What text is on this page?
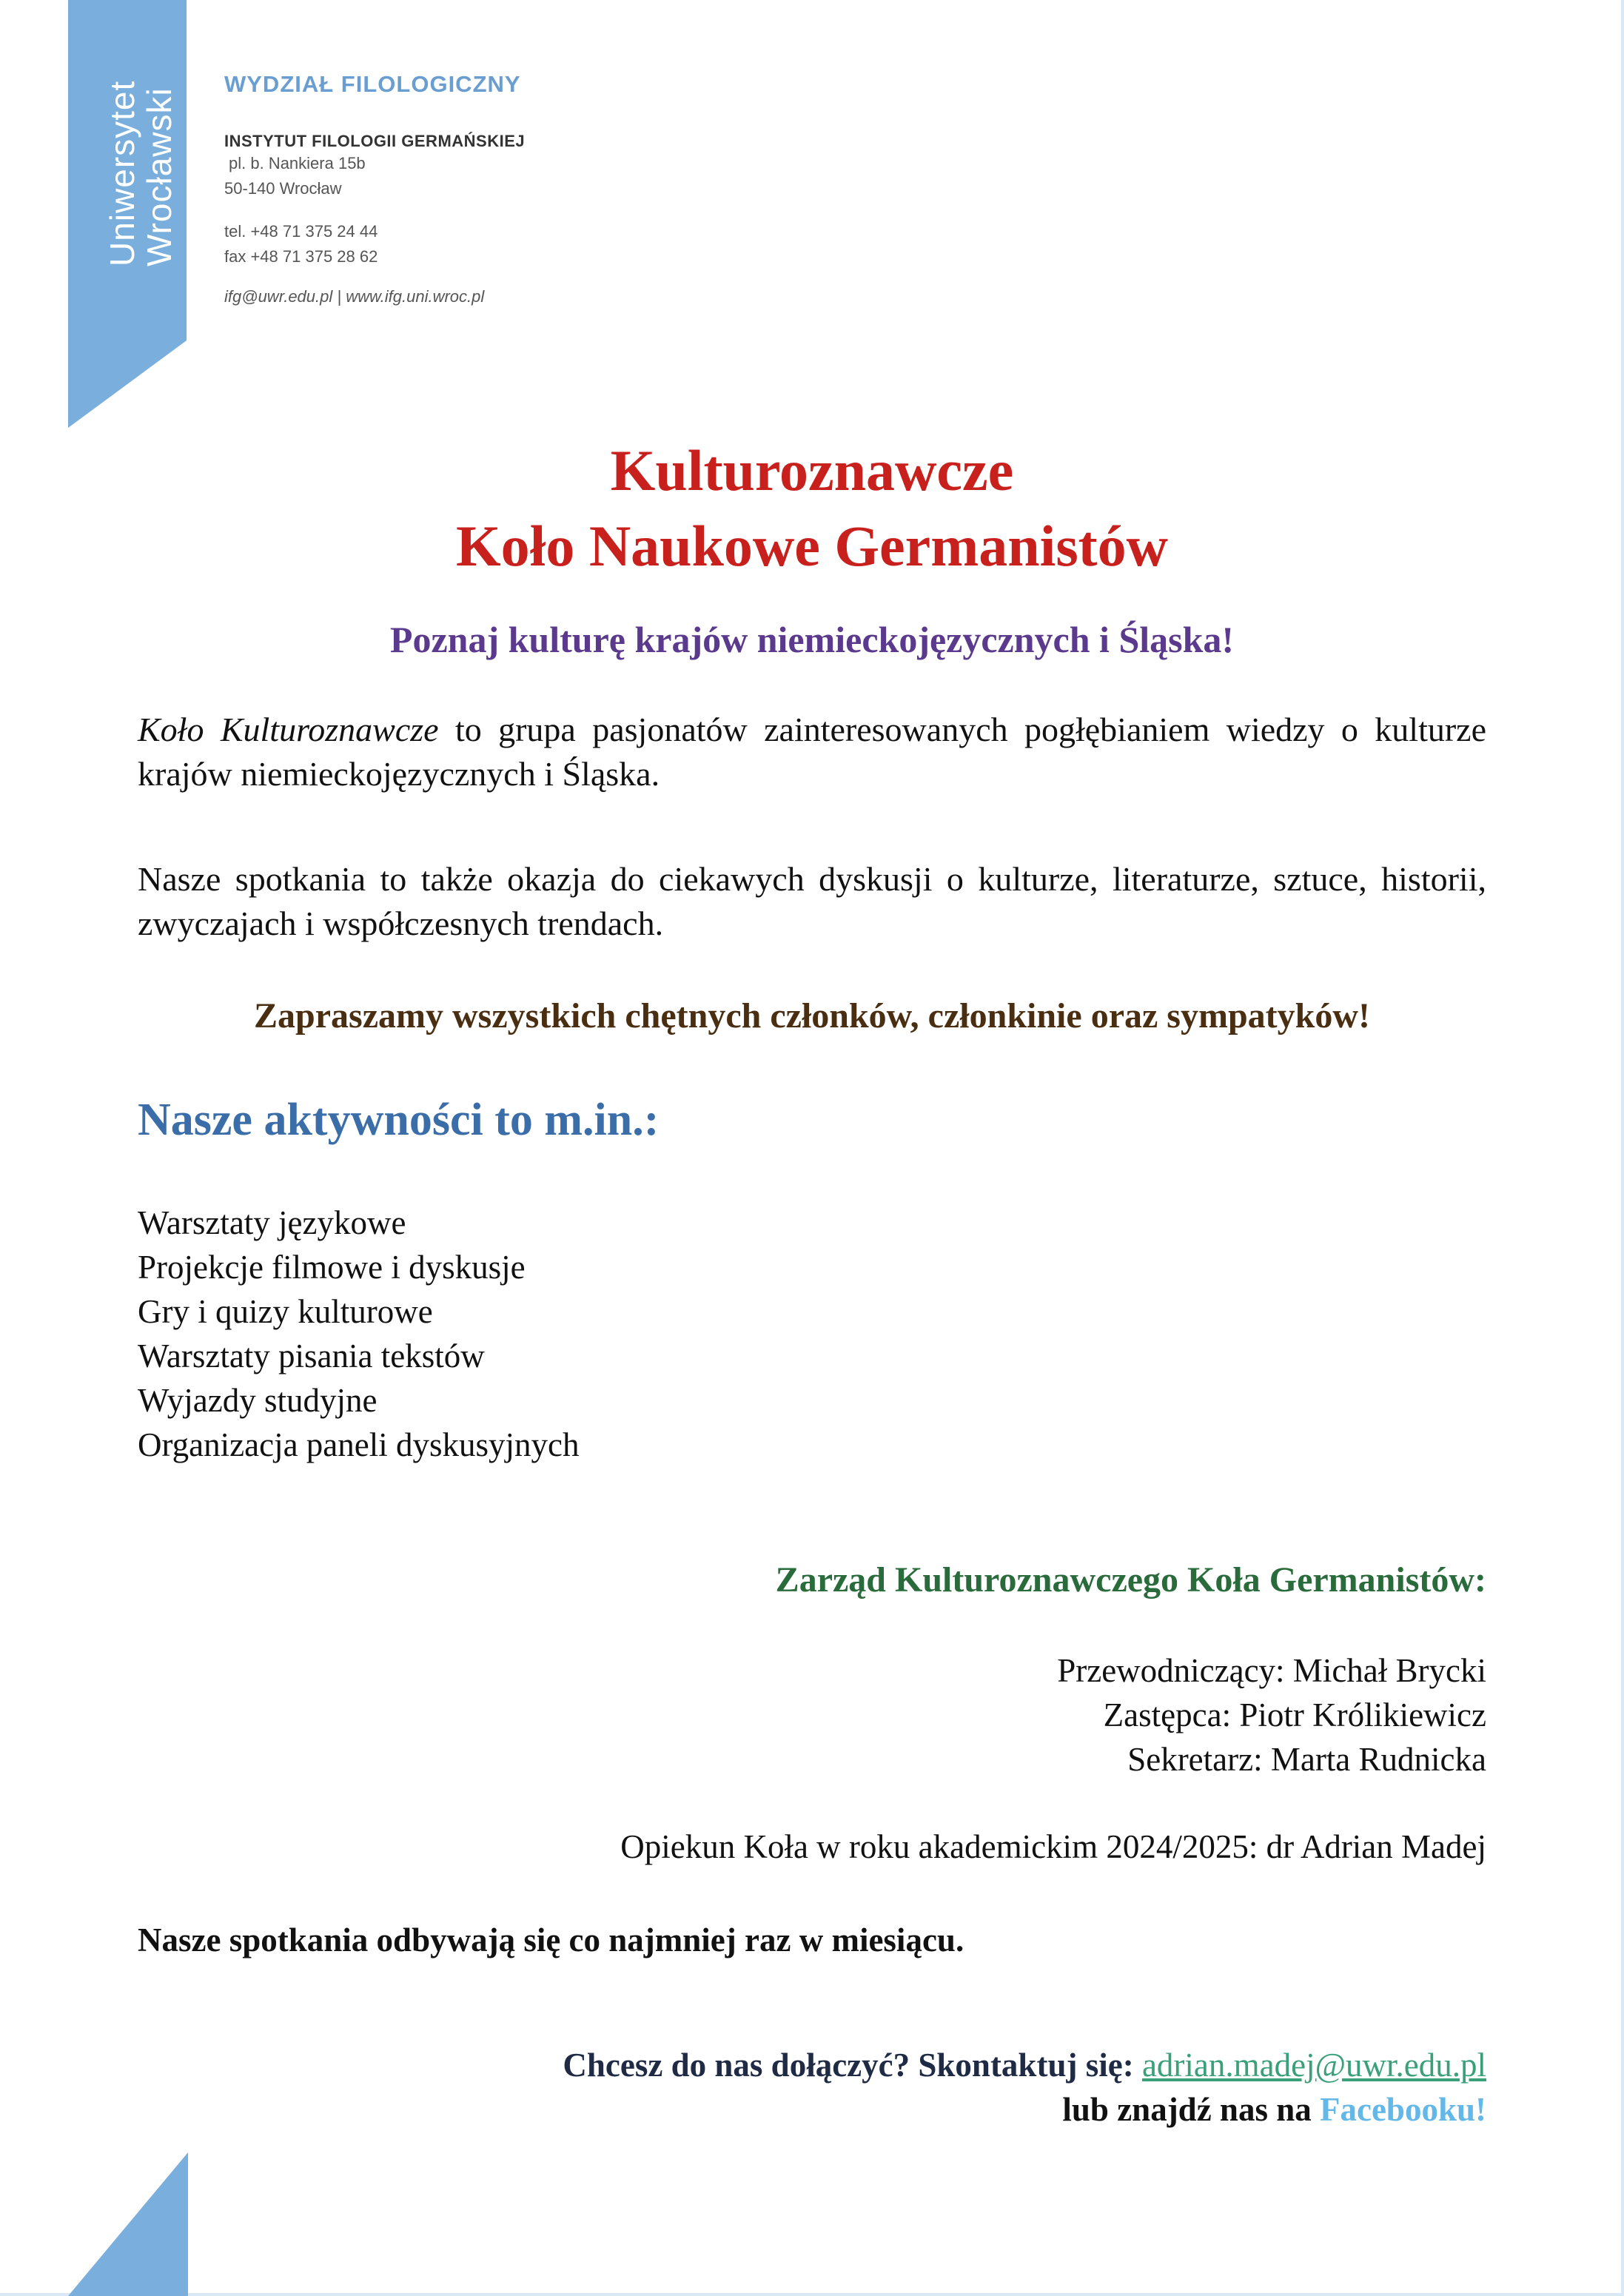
Uniwersytet
Wrocławski
WYDZIAŁ FILOLOGICZNY
INSTYTUT FILOLOGII GERMAŃSKIEJ
pl. b. Nankiera 15b
50-140 Wrocław
tel. +48 71 375 24 44
fax +48 71 375 28 62
ifg@uwr.edu.pl | www.ifg.uni.wroc.pl
Kulturoznawcze
Koło Naukowe Germanistów
Poznaj kulturę krajów niemieckojęzycznych i Śląska!
Koło Kulturoznawcze to grupa pasjonatów zainteresowanych pogłębianiem wiedzy o kulturze krajów niemieckojęzycznych i Śląska.
Nasze spotkania to także okazja do ciekawych dyskusji o kulturze, literaturze, sztuce, historii, zwyczajach i współczesnych trendach.
Zapraszamy wszystkich chętnych członków, członkinie oraz sympatyków!
Nasze aktywności to m.in.:
Warsztaty językowe
Projekcje filmowe i dyskusje
Gry i quizy kulturowe
Warsztaty pisania tekstów
Wyjazdy studyjne
Organizacja paneli dyskusyjnych
Zarząd Kulturoznawczego Koła Germanistów:
Przewodniczący: Michał Brycki
Zastępca: Piotr Królikiewicz
Sekretarz: Marta Rudnicka
Opiekun Koła w roku akademickim 2024/2025: dr Adrian Madej
Nasze spotkania odbywają się co najmniej raz w miesiącu.
Chcesz do nas dołączyć? Skontaktuj się: adrian.madej@uwr.edu.pl
lub znajdź nas na Facebooku!
